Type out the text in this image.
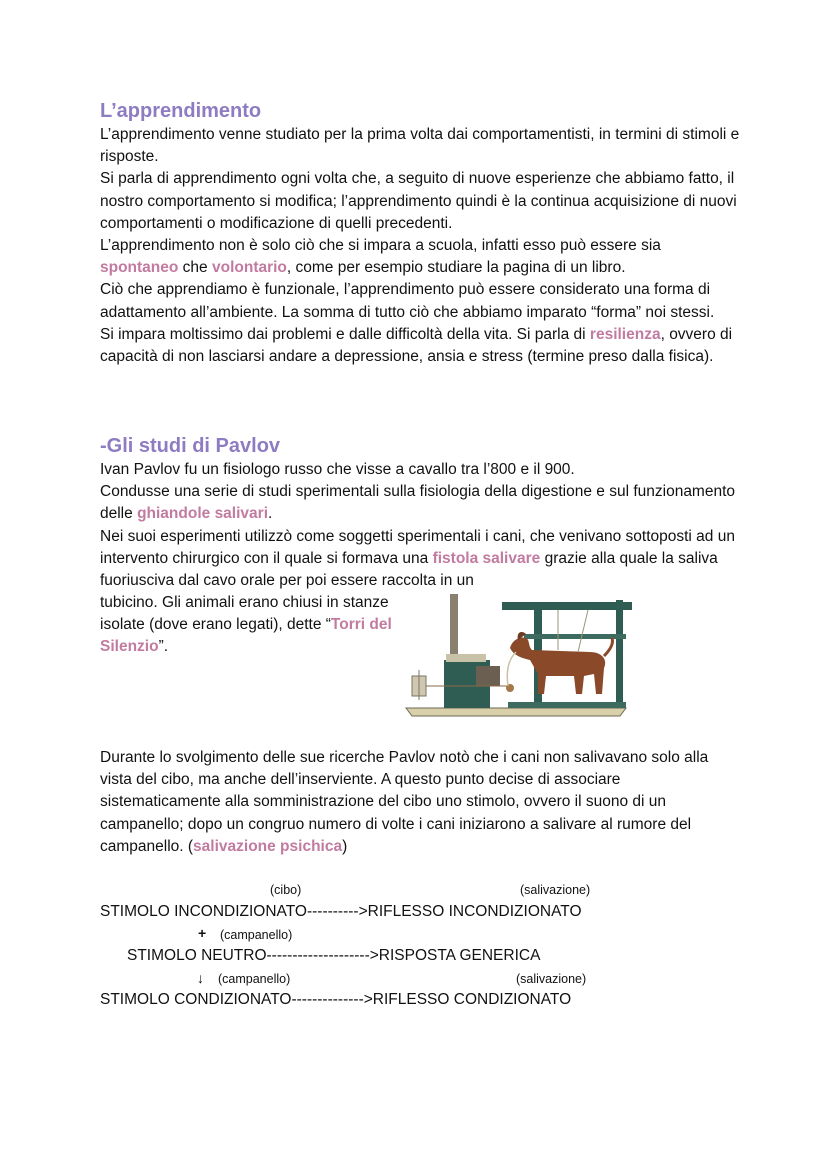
L’apprendimento

L’apprendimento venne studiato per la prima volta dai comportamentisti, in termini di stimoli e risposte.

Si parla di apprendimento ogni volta che, a seguito di nuove esperienze che abbiamo fatto, il nostro comportamento si modifica; l’apprendimento quindi è la continua acquisizione di nuovi comportamenti o modificazione di quelli precedenti.

L’apprendimento non è solo ciò che si impara a scuola, infatti esso può essere sia spontaneo che volontario, come per esempio studiare la pagina di un libro.

Ciò che apprendiamo è funzionale, l’apprendimento può essere considerato una forma di adattamento all’ambiente. La somma di tutto ciò che abbiamo imparato “forma” noi stessi.

Si impara moltissimo dai problemi e dalle difficoltà della vita. Si parla di resilienza, ovvero di capacità di non lasciarsi andare a depressione, ansia e stress (termine preso dalla fisica).

-Gli studi di Pavlov

Ivan Pavlov fu un fisiologo russo che visse a cavallo tra l’800 e il 900.

Condusse una serie di studi sperimentali sulla fisiologia della digestione e sul funzionamento delle ghiandole salivari.

Nei suoi esperimenti utilizzò come soggetti sperimentali i cani, che venivano sottoposti ad un intervento chirurgico con il quale si formava una fistola salivare grazie alla quale la saliva fuoriusciva dal cavo orale per poi essere raccolta in un

tubicino. Gli animali erano chiusi in stanze isolate (dove erano legati), dette “Torri del Silenzio”.

Durante lo svolgimento delle sue ricerche Pavlov notò che i cani non salivavano solo alla vista del cibo, ma anche dell’inserviente. A questo punto decise di associare sistematicamente alla somministrazione del cibo uno stimolo, ovvero il suono di un campanello; dopo un congruo numero di volte i cani iniziarono a salivare al rumore del campanello. (salivazione psichica)

(cibo)	(salivazione)
STIMOLO INCONDIZIONATO---------->RIFLESSO INCONDIZIONATO
+ (campanello)
STIMOLO NEUTRO-------------------->RISPOSTA GENERICA
↓ (campanello)	(salivazione)
STIMOLO CONDIZIONATO-------------->RIFLESSO CONDIZIONATO
